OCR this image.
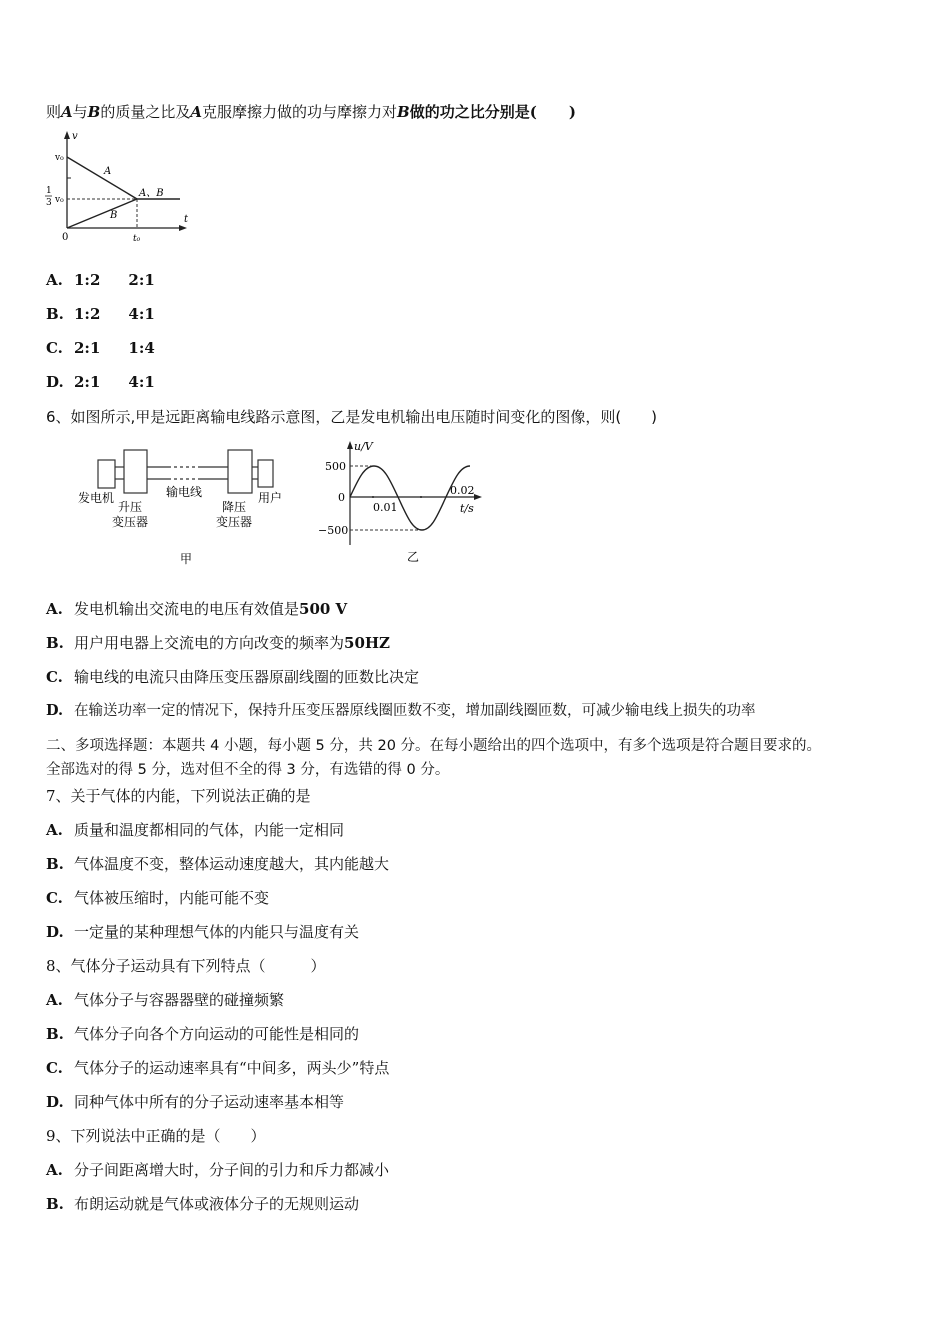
则A与B的质量之比及A克服摩擦力做的功与摩擦力对B做的功之比分别是( )
v
t
v₀
1
3 v₀
0	t₀
A
B
A、B
A. 1:2 2:1
B. 1:2 4:1
C. 2:1 1:4
D. 2:1 4:1
6、如图所示,甲是远距离输电线路示意图，乙是发电机输出电压随时间变化的图像，则( )
发电机
升压
变压器
输电线
降压
变压器
用户
甲
u/V
500
0
−500
0.01
0.02
t/s
乙
A. 发电机输出交流电的电压有效值是500 V
B. 用户用电器上交流电的方向改变的频率为50HZ
C. 输电线的电流只由降压变压器原副线圈的匝数比决定
D. 在输送功率一定的情况下，保持升压变压器原线圈匝数不变，增加副线圈匝数，可减少输电线上损失的功率
二、多项选择题：本题共 4 小题，每小题 5 分，共 20 分。在每小题给出的四个选项中，有多个选项是符合题目要求的。
全部选对的得 5 分，选对但不全的得 3 分，有选错的得 0 分。
7、关于气体的内能，下列说法正确的是
A. 质量和温度都相同的气体，内能一定相同
B. 气体温度不变，整体运动速度越大，其内能越大
C. 气体被压缩时，内能可能不变
D. 一定量的某种理想气体的内能只与温度有关
8、气体分子运动具有下列特点（　　　）
A. 气体分子与容器器壁的碰撞频繁
B. 气体分子向各个方向运动的可能性是相同的
C. 气体分子的运动速率具有“中间多，两头少”特点
D. 同种气体中所有的分子运动速率基本相等
9、下列说法中正确的是（　　）
A. 分子间距离增大时，分子间的引力和斥力都减小
B. 布朗运动就是气体或液体分子的无规则运动
